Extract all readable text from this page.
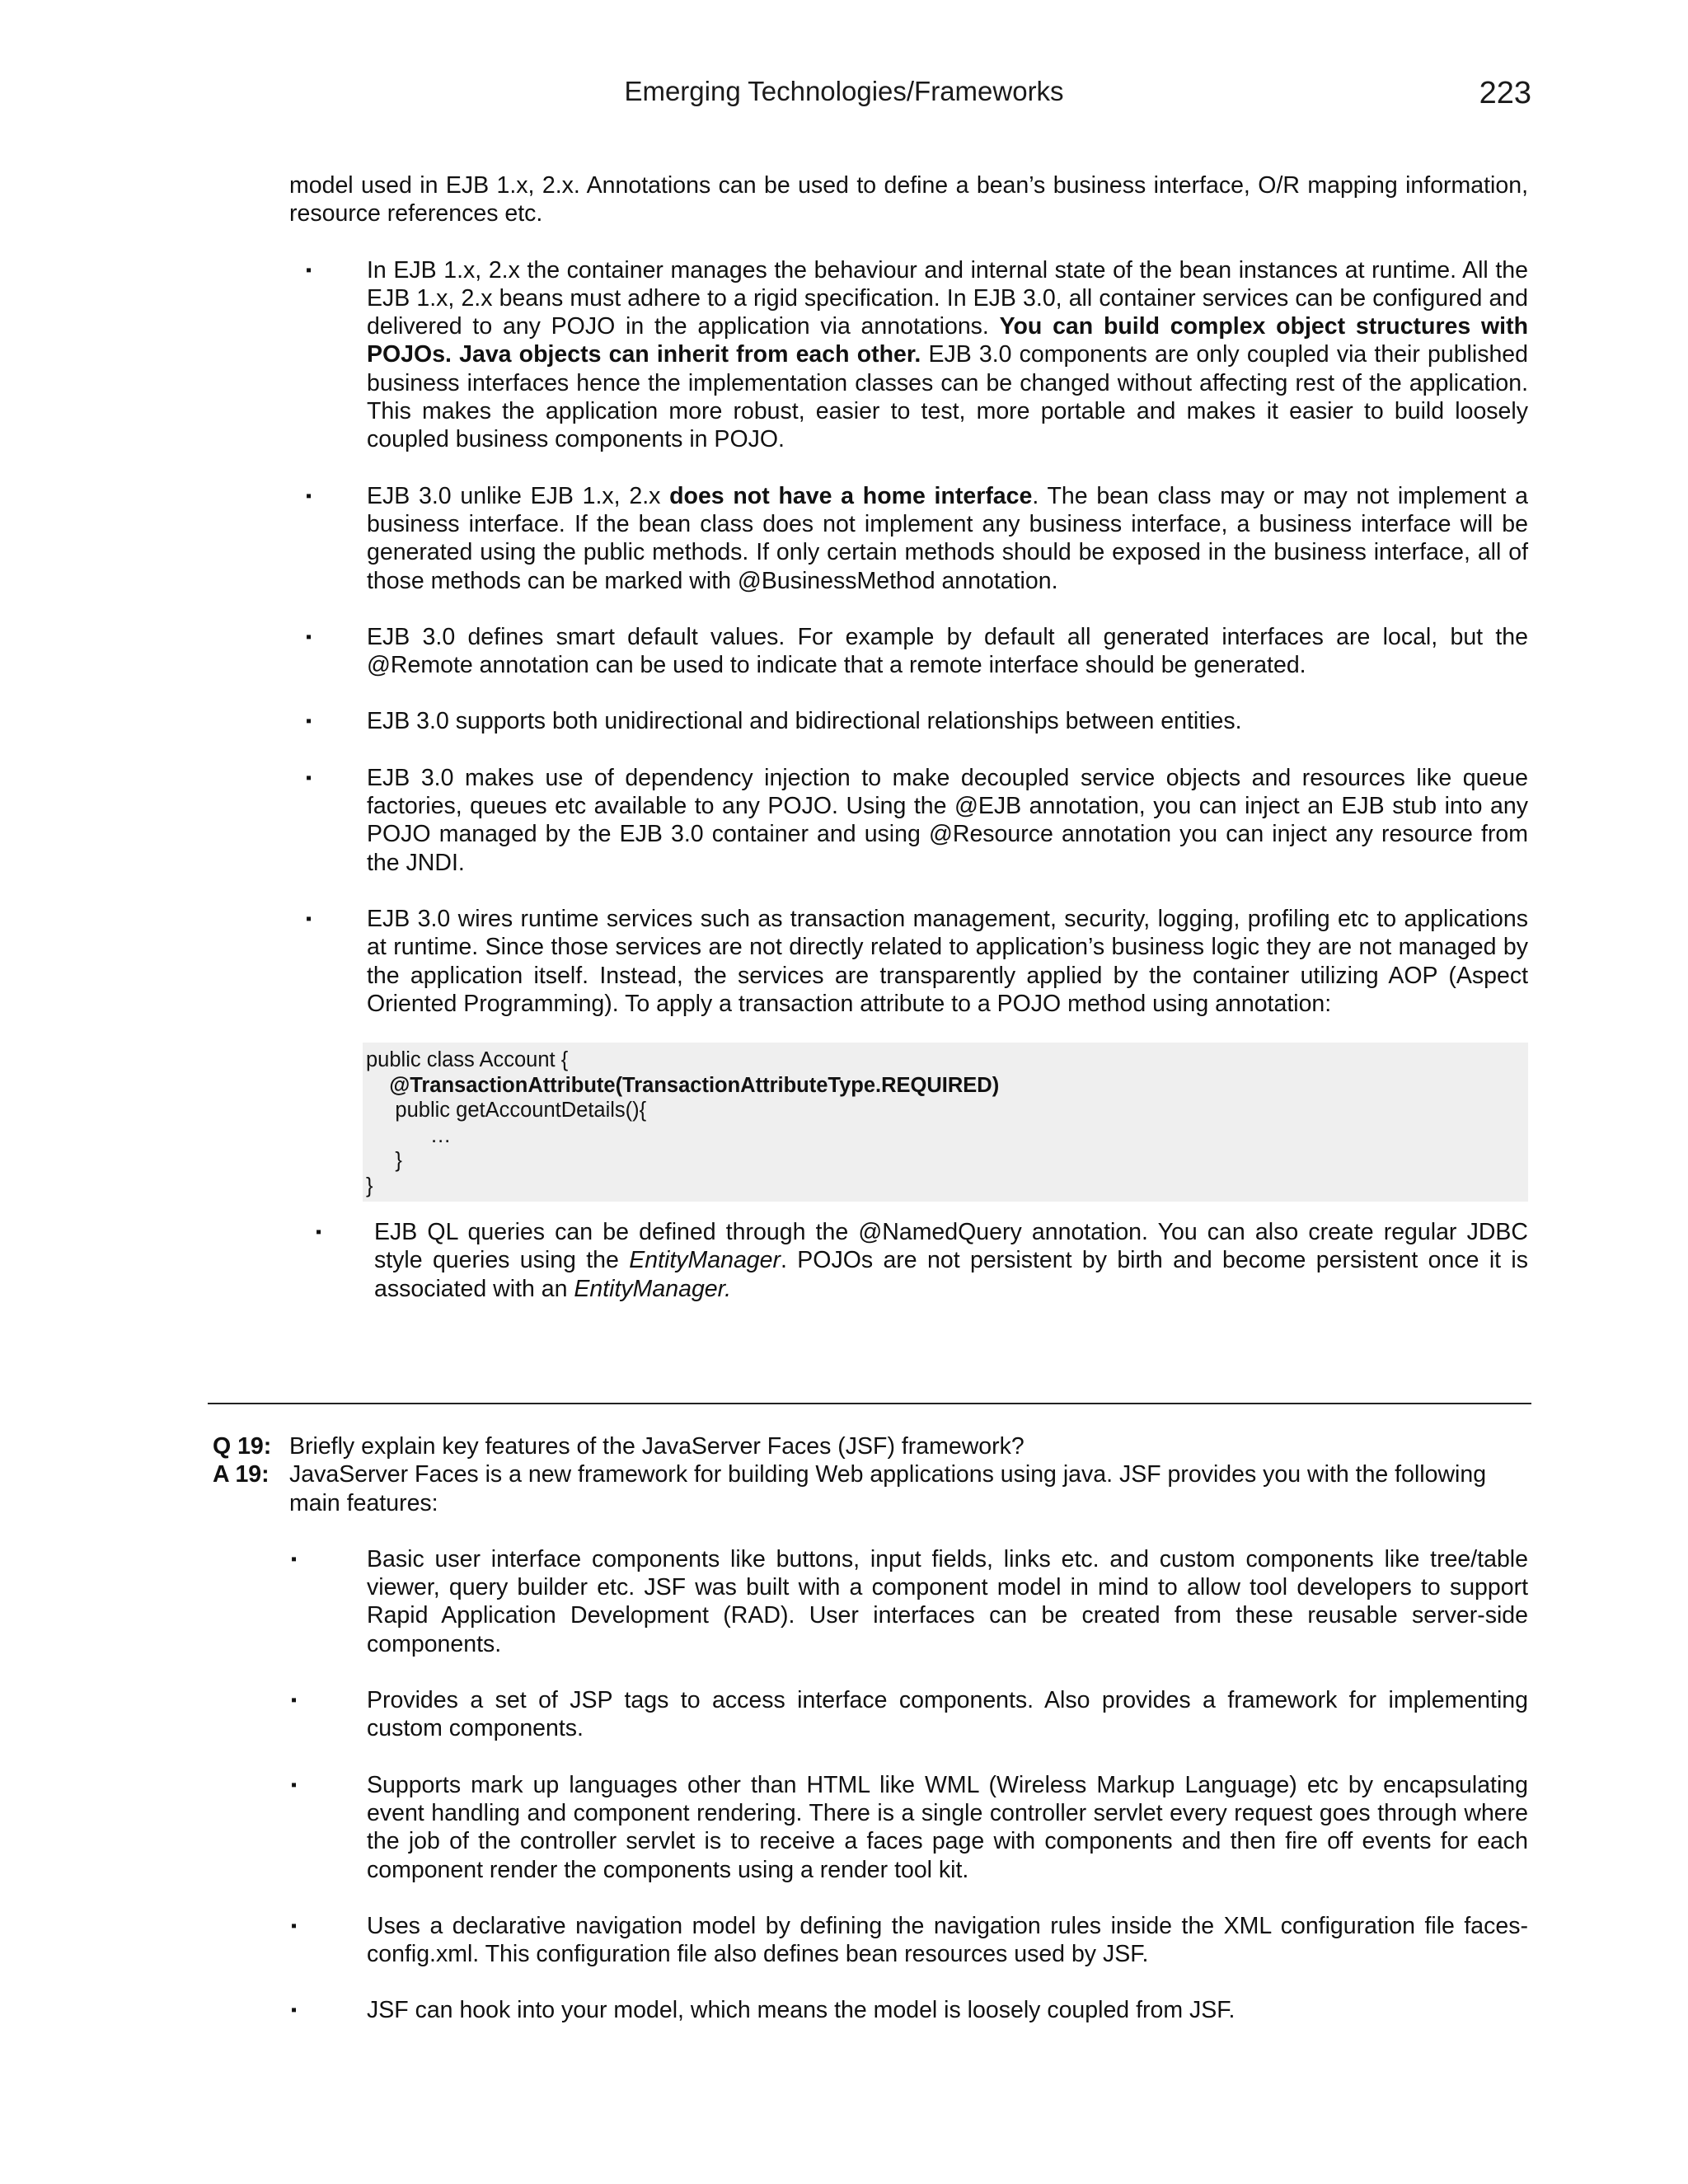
Emerging Technologies/Frameworks	223

model used in EJB 1.x, 2.x. Annotations can be used to define a bean’s business interface, O/R mapping information, resource references etc.

▪ In EJB 1.x, 2.x the container manages the behaviour and internal state of the bean instances at runtime. All the EJB 1.x, 2.x beans must adhere to a rigid specification. In EJB 3.0, all container services can be configured and delivered to any POJO in the application via annotations. You can build complex object structures with POJOs. Java objects can inherit from each other. EJB 3.0 components are only coupled via their published business interfaces hence the implementation classes can be changed without affecting rest of the application. This makes the application more robust, easier to test, more portable and makes it easier to build loosely coupled business components in POJO.
▪ EJB 3.0 unlike EJB 1.x, 2.x does not have a home interface. The bean class may or may not implement a business interface. If the bean class does not implement any business interface, a business interface will be generated using the public methods. If only certain methods should be exposed in the business interface, all of those methods can be marked with @BusinessMethod annotation.
▪ EJB 3.0 defines smart default values. For example by default all generated interfaces are local, but the @Remote annotation can be used to indicate that a remote interface should be generated.
▪ EJB 3.0 supports both unidirectional and bidirectional relationships between entities.
▪ EJB 3.0 makes use of dependency injection to make decoupled service objects and resources like queue factories, queues etc available to any POJO. Using the @EJB annotation, you can inject an EJB stub into any POJO managed by the EJB 3.0 container and using @Resource annotation you can inject any resource from the JNDI.
▪ EJB 3.0 wires runtime services such as transaction management, security, logging, profiling etc to applications at runtime. Since those services are not directly related to application’s business logic they are not managed by the application itself. Instead, the services are transparently applied by the container utilizing AOP (Aspect Oriented Programming). To apply a transaction attribute to a POJO method using annotation:
public class Account {
@TransactionAttribute(TransactionAttributeType.REQUIRED)
public getAccountDetails(){
…
}
}
▪ EJB QL queries can be defined through the @NamedQuery annotation. You can also create regular JDBC style queries using the EntityManager. POJOs are not persistent by birth and become persistent once it is associated with an EntityManager.
Q 19: Briefly explain key features of the JavaServer Faces (JSF) framework?
A 19: JavaServer Faces is a new framework for building Web applications using java. JSF provides you with the following main features:
▪	Basic user interface components like buttons, input fields, links etc. and custom components like tree/table viewer, query builder etc. JSF was built with a component model in mind to allow tool developers to support Rapid Application Development (RAD). User interfaces can be created from these reusable server-side components.
▪	Provides a set of JSP tags to access interface components. Also provides a framework for implementing custom components.
▪	Supports mark up languages other than HTML like WML (Wireless Markup Language) etc by encapsulating event handling and component rendering. There is a single controller servlet every request goes through where the job of the controller servlet is to receive a faces page with components and then fire off events for each component render the components using a render tool kit.
▪	Uses a declarative navigation model by defining the navigation rules inside the XML configuration file faces-config.xml. This configuration file also defines bean resources used by JSF.
▪	JSF can hook into your model, which means the model is loosely coupled from JSF.
